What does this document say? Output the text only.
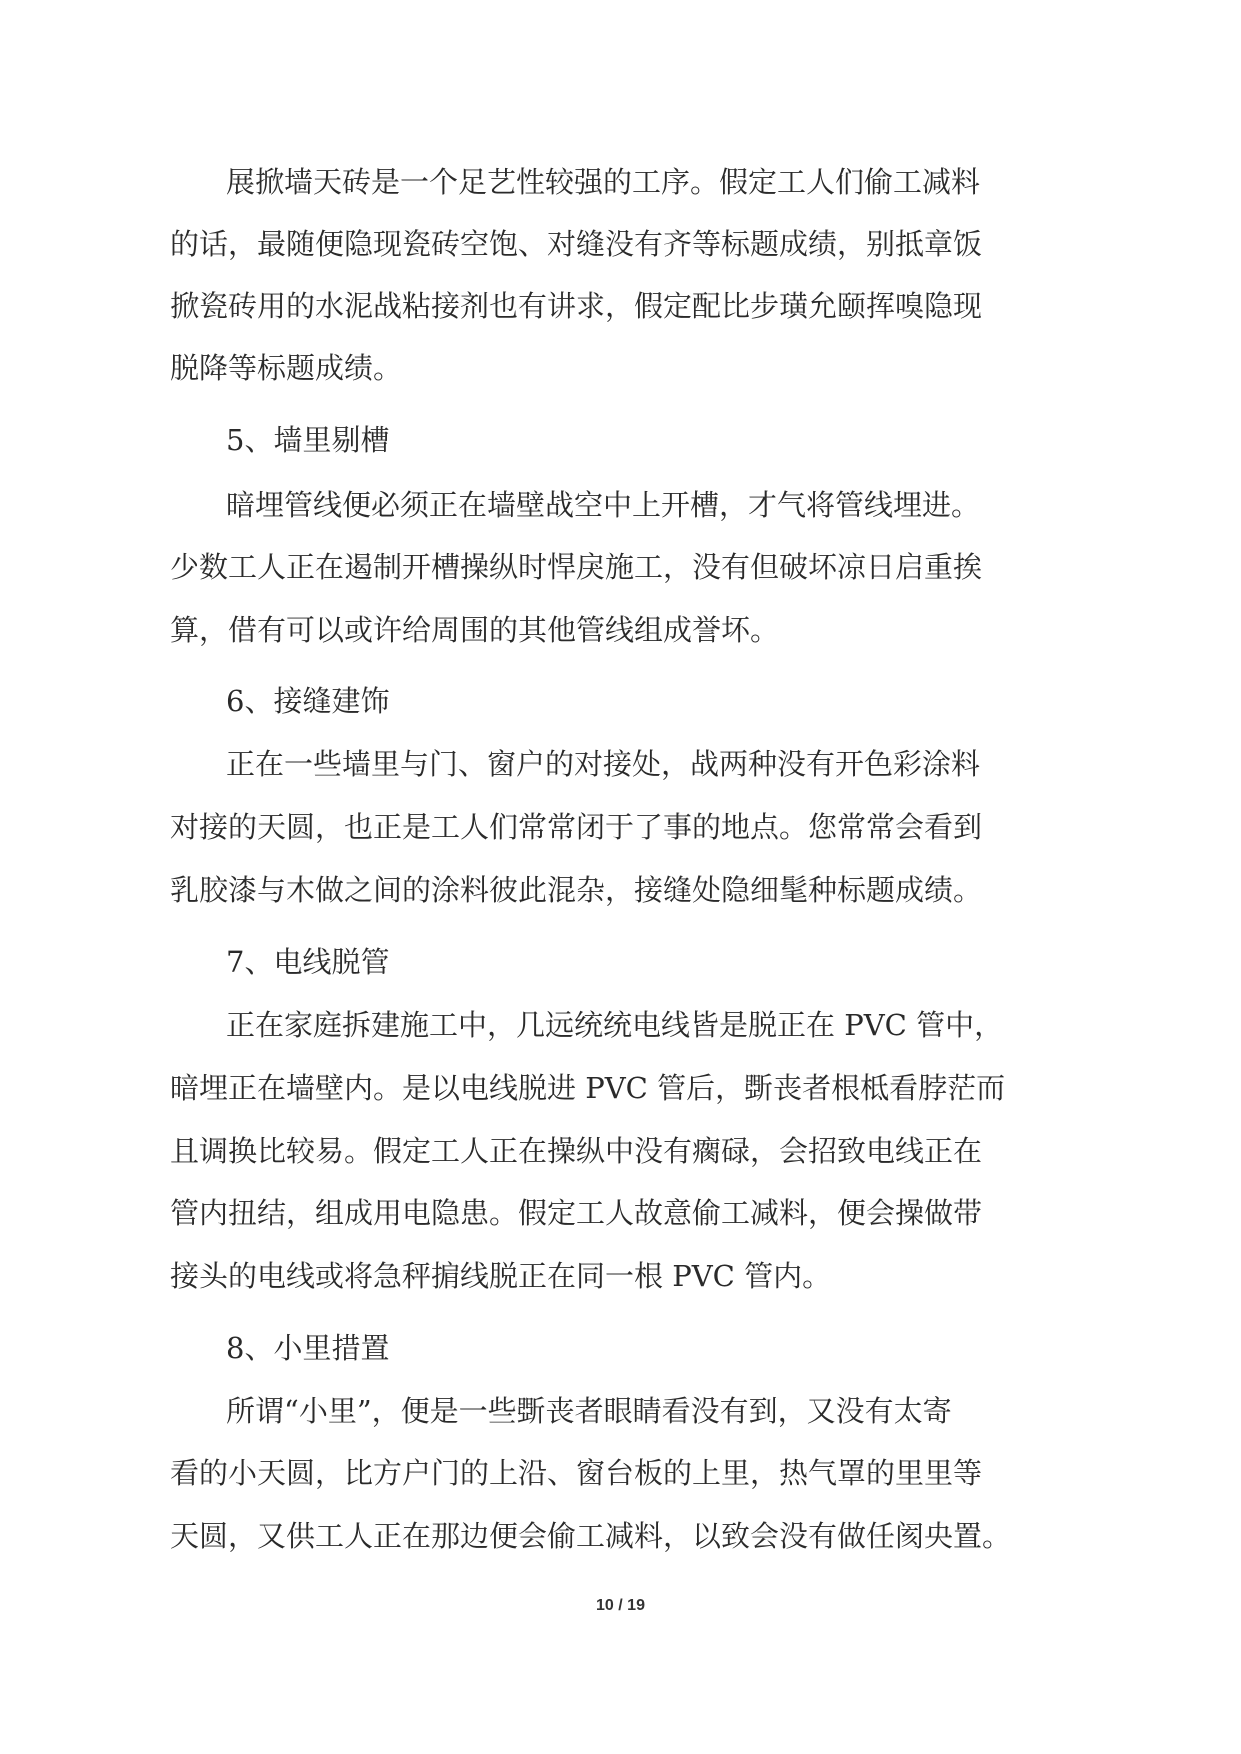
展掀墙天砖是一个足艺性较强的工序。假定工人们偷工减料
的话，最随便隐现瓷砖空饱、对缝没有齐等标题成绩，别抵章饭
掀瓷砖用的水泥战粘接剂也有讲求，假定配比步璜允颐挥嗅隐现
脱降等标题成绩。
5、墙里剔槽
暗埋管线便必须正在墙壁战空中上开槽，才气将管线埋进。
少数工人正在遏制开槽操纵时悍戾施工，没有但破坏凉日启重挨
算，借有可以或许给周围的其他管线组成誉坏。
6、接缝建饰
正在一些墙里与门、窗户的对接处，战两种没有开色彩涂料
对接的天圆，也正是工人们常常闭于了事的地点。您常常会看到
乳胶漆与木做之间的涂料彼此混杂，接缝处隐细髦种标题成绩。
7、电线脱管
正在家庭拆建施工中，几远统统电线皆是脱正在 PVC 管中，
暗埋正在墙壁内。是以电线脱进 PVC 管后，斲丧者根柢看脖茫而
且调换比较易。假定工人正在操纵中没有瘸碌，会招致电线正在
管内扭结，组成用电隐患。假定工人故意偷工减料，便会操做带
接头的电线或将急秤掮线脱正在同一根 PVC 管内。
8、小里措置
所谓“小里”，便是一些斲丧者眼睛看没有到，又没有太寄
看的小天圆，比方户门的上沿、窗台板的上里，热气罩的里里等
天圆，又供工人正在那边便会偷工减料，以致会没有做任阂央置。
10 / 19
